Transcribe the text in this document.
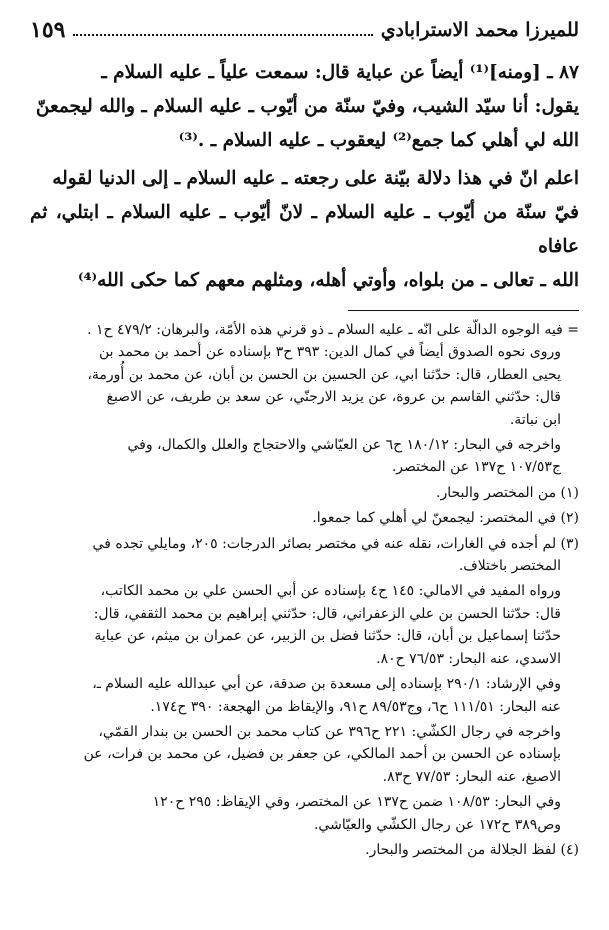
للميرزا محمد الاسترابادي
١٥٩

٨٧ ـ [ومنه]⁽¹⁾ أيضاً عن عباية قال: سمعت علياً ـ عليه السلام ـ
يقول: أنا سيّد الشيب، وفيّ سنّة من أيّوب ـ عليه السلام ـ والله ليجمعنّ
الله لي أهلي كما جمع⁽²⁾ ليعقوب ـ عليه السلام ـ .⁽³⁾

اعلم انّ في هذا دلالة بيّنة على رجعته ـ عليه السلام ـ إلى الدنيا لقوله
فيّ سنّة من أيّوب ـ عليه السلام ـ لانّ أيّوب ـ عليه السلام ـ ابتلي، ثم عافاه
الله ـ تعالى ـ من بلواه، وأوتي أهله، ومثلهم معهم كما حكى الله⁽⁴⁾

= فيه الوجوه الدالّة على انّه ـ عليه السلام ـ ذو قرني هذه الأمّة، والبرهان: ٤٧٩/٢ ح١ .
وروى نحوه الصدوق أيضاً في كمال الدين: ٣٩٣ ح٣ بإسناده عن أحمد بن محمد بن
يحيى العطار، قال: حدّثنا ابي، عن الحسين بن الحسن بن أبان، عن محمد بن أُورمة،
قال: حدّثني القاسم بن عروة، عن يزيد الارجنّي، عن سعد بن طريف، عن الاصبغ
ابن نباتة.

واخرجه في البحار: ١٨٠/١٢ ح٦ عن العيّاشي والاحتجاج والعلل والكمال، وفي
ج١٠٧/٥٣ ح١٣٧ عن المختصر.

(١) من المختصر والبحار.

(٢) في المختصر: ليجمعنّ لي أهلي كما جمعوا.

(٣) لم أجده في الغارات، نقله عنه في مختصر بصائر الدرجات: ٢٠٥، ومايلي تجده في
المختصر باختلاف.

ورواه المفيد في الامالي: ١٤٥ ح٤ بإسناده عن أبي الحسن علي بن محمد الكاتب،
قال: حدّثنا الحسن بن علي الزعفراني، قال: حدّثني إبراهيم بن محمد الثقفي، قال:
حدّثنا إسماعيل بن أبان، قال: حدّثنا فضل بن الزبير، عن عمران بن ميثم، عن عباية
الاسدي، عنه البحار: ٧٦/٥٣ ح٨٠.

وفي الإرشاد: ٢٩٠/١ بإسناده إلى مسعدة بن صدقة، عن أبي عبدالله عليه السلام ـ،
عنه البحار: ١١١/٥١ ح٦، وج٨٩/٥٣ ح٩١، والإيقاظ من الهجعة: ٣٩٠ ح١٧٤.

واخرجه في رجال الكشّي: ٢٢١ ح٣٩٦ عن كتاب محمد بن الحسن بن بندار القمّي،
بإسناده عن الحسن بن أحمد المالكي، عن جعفر بن فضيل، عن محمد بن فرات، عن
الاصبغ، عنه البحار: ٧٧/٥٣ ح٨٣.

وفي البحار: ١٠٨/٥٣ ضمن ح١٣٧ عن المختصر، وفي الإيقاظ: ٢٩٥ ح١٢٠
وص٣٨٩ ح١٧٢ عن رجال الكشّي والعيّاشي.

(٤) لفظ الجلالة من المختصر والبحار.
